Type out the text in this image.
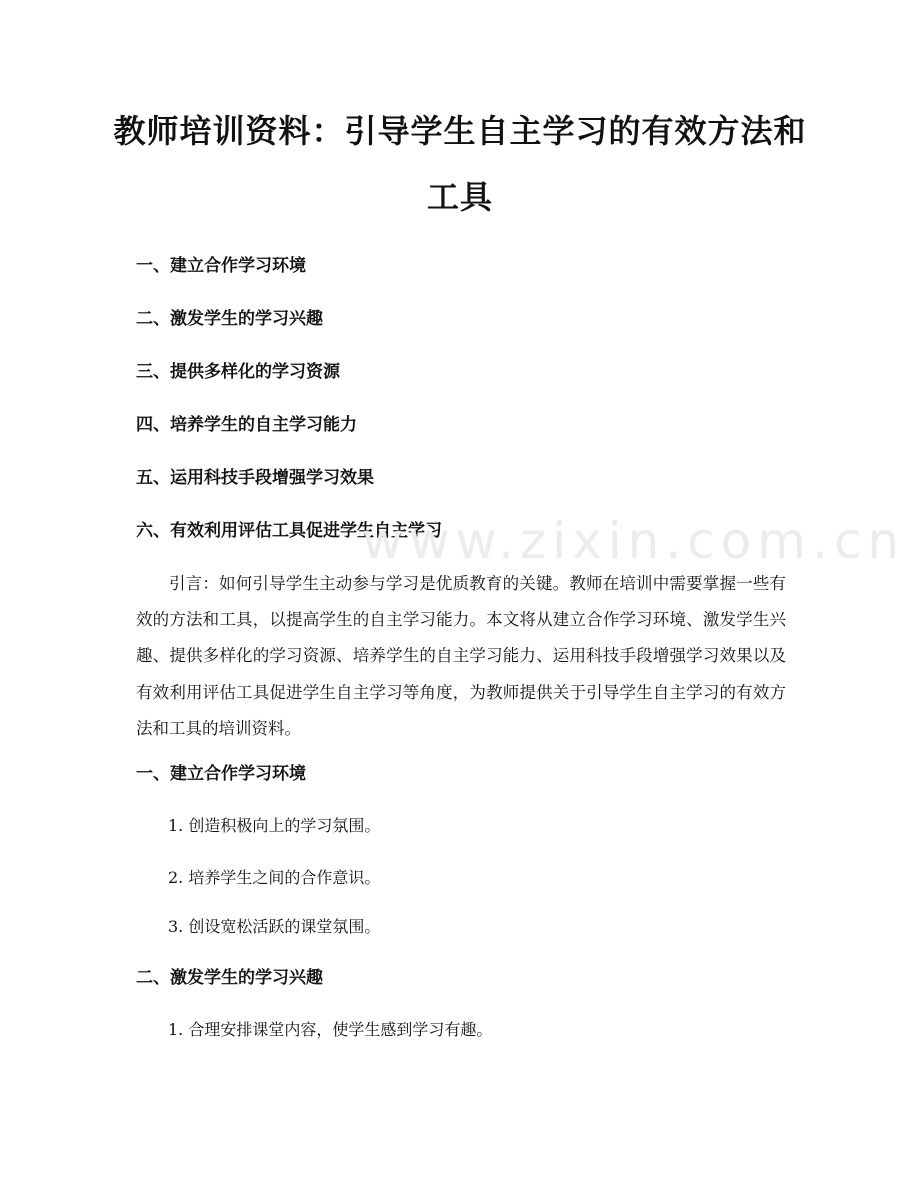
教师培训资料：引导学生自主学习的有效方法和工具
一、建立合作学习环境
二、激发学生的学习兴趣
三、提供多样化的学习资源
四、培养学生的自主学习能力
五、运用科技手段增强学习效果
六、有效利用评估工具促进学生自主学习
www.zixin.com.cn

引言：如何引导学生主动参与学习是优质教育的关键。教师在培训中需要掌握一些有效的方法和工具，以提高学生的自主学习能力。本文将从建立合作学习环境、激发学生兴趣、提供多样化的学习资源、培养学生的自主学习能力、运用科技手段增强学习效果以及有效利用评估工具促进学生自主学习等角度，为教师提供关于引导学生自主学习的有效方法和工具的培训资料。

一、建立合作学习环境
1. 创造积极向上的学习氛围。
2. 培养学生之间的合作意识。
3. 创设宽松活跃的课堂氛围。
二、激发学生的学习兴趣
1. 合理安排课堂内容，使学生感到学习有趣。
